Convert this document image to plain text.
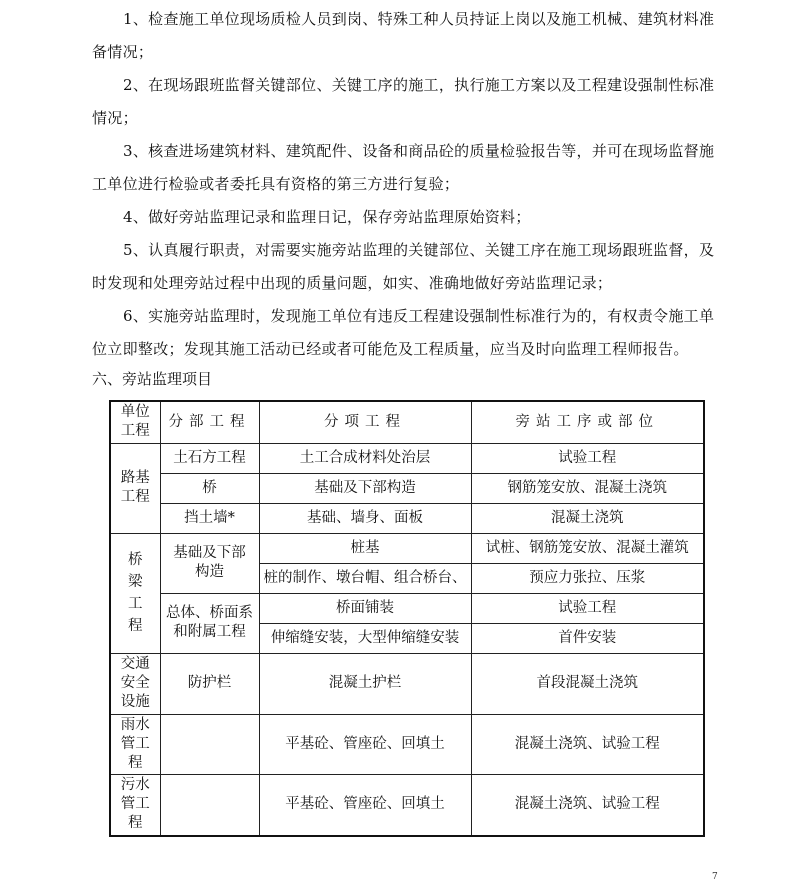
1、检查施工单位现场质检人员到岗、特殊工种人员持证上岗以及施工机械、建筑材料准备情况；

2、在现场跟班监督关键部位、关键工序的施工，执行施工方案以及工程建设强制性标准情况；

3、核查进场建筑材料、建筑配件、设备和商品砼的质量检验报告等，并可在现场监督施工单位进行检验或者委托具有资格的第三方进行复验；

4、做好旁站监理记录和监理日记，保存旁站监理原始资料；

5、认真履行职责，对需要实施旁站监理的关键部位、关键工序在施工现场跟班监督，及时发现和处理旁站过程中出现的质量问题，如实、准确地做好旁站监理记录；

6、实施旁站监理时，发现施工单位有违反工程建设强制性标准行为的，有权责令施工单位立即整改；发现其施工活动已经或者可能危及工程质量，应当及时向监理工程师报告。

六、旁站监理项目

单位工程	分部工程	分项工程	旁站工序或部位
路基工程	土石方工程	土工合成材料处治层	试验工程
	桥	基础及下部构造	钢筋笼安放、混凝土浇筑
	挡土墙*	基础、墙身、面板	混凝土浇筑
桥梁工程	基础及下部构造	桩基	试桩、钢筋笼安放、混凝土灌筑
		桩的制作、墩台帽、组合桥台、	预应力张拉、压浆
	总体、桥面系和附属工程	桥面铺装	试验工程
		伸缩缝安装，大型伸缩缝安装	首件安装
交通安全设施	防护栏	混凝土护栏	首段混凝土浇筑
雨水管工程		平基砼、管座砼、回填土	混凝土浇筑、试验工程
污水管工程		平基砼、管座砼、回填土	混凝土浇筑、试验工程
7
